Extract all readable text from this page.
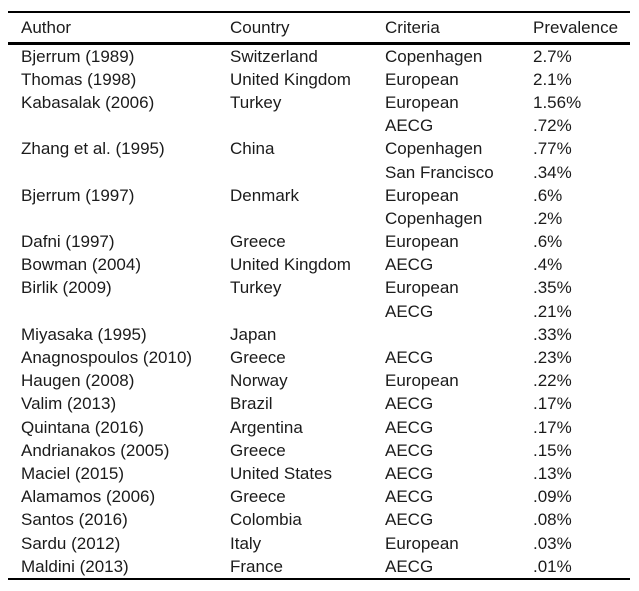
Author	Country	Criteria	Prevalence
Bjerrum (1989)	Switzerland	Copenhagen	2.7%
Thomas (1998)	United Kingdom	European	2.1%
Kabasalak (2006)	Turkey	European	1.56%
		AECG	.72%
Zhang et al. (1995)	China	Copenhagen	.77%
		San Francisco	.34%
Bjerrum (1997)	Denmark	European	.6%
		Copenhagen	.2%
Dafni (1997)	Greece	European	.6%
Bowman (2004)	United Kingdom	AECG	.4%
Birlik (2009)	Turkey	European	.35%
		AECG	.21%
Miyasaka (1995)	Japan		.33%
Anagnospoulos (2010)	Greece	AECG	.23%
Haugen (2008)	Norway	European	.22%
Valim (2013)	Brazil	AECG	.17%
Quintana (2016)	Argentina	AECG	.17%
Andrianakos (2005)	Greece	AECG	.15%
Maciel (2015)	United States	AECG	.13%
Alamamos (2006)	Greece	AECG	.09%
Santos (2016)	Colombia	AECG	.08%
Sardu (2012)	Italy	European	.03%
Maldini (2013)	France	AECG	.01%
